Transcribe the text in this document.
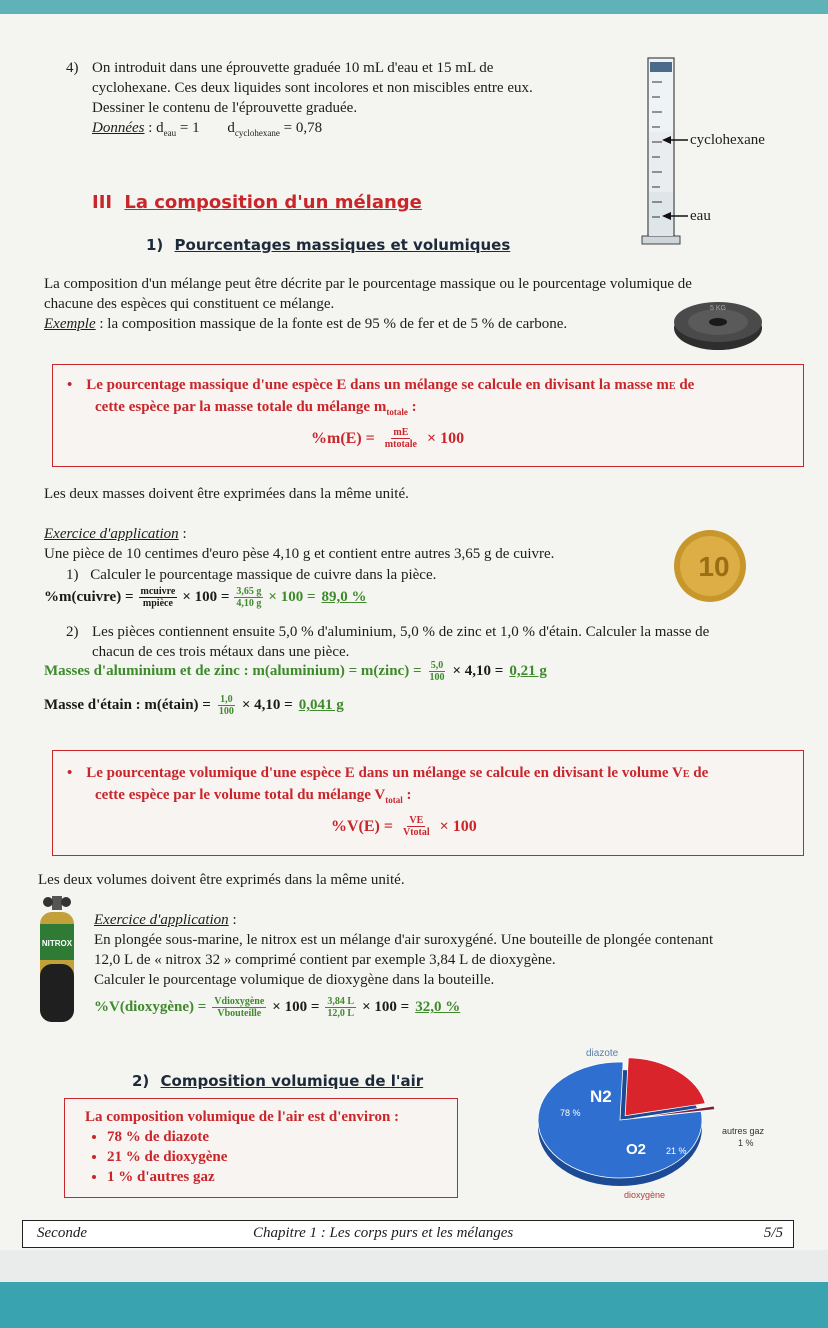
4) On introduit dans une éprouvette graduée 10 mL d'eau et 15 mL de
cyclohexane. Ces deux liquides sont incolores et non miscibles entre eux.
Dessiner le contenu de l'éprouvette graduée.
Données : $d_{eau} = 1$ $d_{cyclohexane} = 0,78$
cyclohexane
eau
III La composition d'un mélange
1) Pourcentages massiques et volumiques
La composition d'un mélange peut être décrite par le pourcentage massique ou le pourcentage volumique de
chacune des espèces qui constituent ce mélange.
Exemple : la composition massique de la fonte est de 95 % de fer et de 5 % de carbone.
5 KG
• Le pourcentage massique d'une espèce E dans un mélange se calcule en divisant la masse mE de
cette espèce par la masse totale du mélange $m_{totale}$ :
$\%m(E) = \frac{mE}{\text{mtotale}} \times 100$
Les deux masses doivent être exprimées dans la même unité.
Exercice d'application :
Une pièce de 10 centimes d'euro pèse 4,10 g et contient entre autres 3,65 g de cuivre.
1) Calculer le pourcentage massique de cuivre dans la pièce.
%m(cuivre) = $\frac{\text{mcuivre}}{\text{mpièce}} \times 100 = \frac{3,65 g}{4,10 g} \times 100 = 89,0$ %
10
2) Les pièces contiennent ensuite 5,0 % d'aluminium, 5,0 % de zinc et 1,0 % d'étain. Calculer la masse de
chacun de ces trois métaux dans une pièce.
Masses d'aluminium et de zinc : m(aluminium) = m(zinc) = $\frac{5,0}{100} \times 4,10 = 0,21$ g
Masse d'étain : m(étain) = $\frac{1,0}{100} \times 4,10 = 0,041$ g
• Le pourcentage volumique d'une espèce E dans un mélange se calcule en divisant le volume VE de
cette espèce par le volume total du mélange $V_{total}$ :
$\%V(E) = \frac{VE}{\text{Vtotal}} \times 100$
Les deux volumes doivent être exprimés dans la même unité.
NITROX
Exercice d'application :
En plongée sous-marine, le nitrox est un mélange d'air suroxygéné. Une bouteille de plongée contenant
12,0 L de « nitrox 32 » comprimé contient par exemple 3,84 L de dioxygène.
Calculer le pourcentage volumique de dioxygène dans la bouteille.
%V(dioxygène) = $\frac{\text{Vdioxygène}}{\text{Vbouteille}} \times 100 = \frac{3,84 L}{12,0 L} \times 100 = 32,0$ %
2) Composition volumique de l'air
La composition volumique de l'air est d'environ :
• 78 % de diazote
• 21 % de dioxygène
• 1 % d'autres gaz
diazote
N2
78 %
O2 21 %
autres gaz
1 %
dioxygène
Seconde	Chapitre 1 : Les corps purs et les mélanges	5/5
